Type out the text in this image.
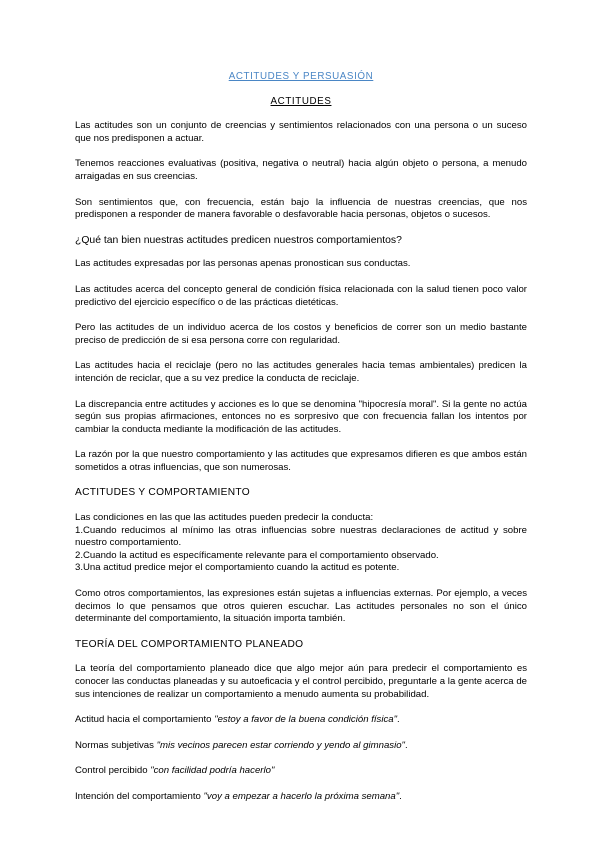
ACTITUDES Y PERSUASIÓN
ACTITUDES

Las actitudes son un conjunto de creencias y sentimientos relacionados con una persona o un suceso que nos predisponen a actuar.

Tenemos reacciones evaluativas (positiva, negativa o neutral) hacia algún objeto o persona, a menudo arraigadas en sus creencias.

Son sentimientos que, con frecuencia, están bajo la influencia de nuestras creencias, que nos predisponen a responder de manera favorable o desfavorable hacia personas, objetos o sucesos.

¿Qué tan bien nuestras actitudes predicen nuestros comportamientos?

Las actitudes expresadas por las personas apenas pronostican sus conductas.

Las actitudes acerca del concepto general de condición física relacionada con la salud tienen poco valor predictivo del ejercicio específico o de las prácticas dietéticas.

Pero las actitudes de un individuo acerca de los costos y beneficios de correr son un medio bastante preciso de predicción de si esa persona corre con regularidad.

Las actitudes hacia el reciclaje (pero no las actitudes generales hacia temas ambientales) predicen la intención de reciclar, que a su vez predice la conducta de reciclaje.

La discrepancia entre actitudes y acciones es lo que se denomina "hipocresía moral". Si la gente no actúa según sus propias afirmaciones, entonces no es sorpresivo que con frecuencia fallan los intentos por cambiar la conducta mediante la modificación de las actitudes.

La razón por la que nuestro comportamiento y las actitudes que expresamos difieren es que ambos están sometidos a otras influencias, que son numerosas.

ACTITUDES Y COMPORTAMIENTO

Las condiciones en las que las actitudes pueden predecir la conducta:

1.Cuando reducimos al mínimo las otras influencias sobre nuestras declaraciones de actitud y sobre nuestro comportamiento.

2.Cuando la actitud es específicamente relevante para el comportamiento observado.

3.Una actitud predice mejor el comportamiento cuando la actitud es potente.

Como otros comportamientos, las expresiones están sujetas a influencias externas. Por ejemplo, a veces decimos lo que pensamos que otros quieren escuchar. Las actitudes personales no son el único determinante del comportamiento, la situación importa también.

TEORÍA DEL COMPORTAMIENTO PLANEADO

La teoría del comportamiento planeado dice que algo mejor aún para predecir el comportamiento es conocer las conductas planeadas y su autoeficacia y el control percibido, preguntarle a la gente acerca de sus intenciones de realizar un comportamiento a menudo aumenta su probabilidad.

Actitud hacia el comportamiento "estoy a favor de la buena condición física".

Normas subjetivas "mis vecinos parecen estar corriendo y yendo al gimnasio".

Control percibido "con facilidad podría hacerlo"

Intención del comportamiento "voy a empezar a hacerlo la próxima semana".
